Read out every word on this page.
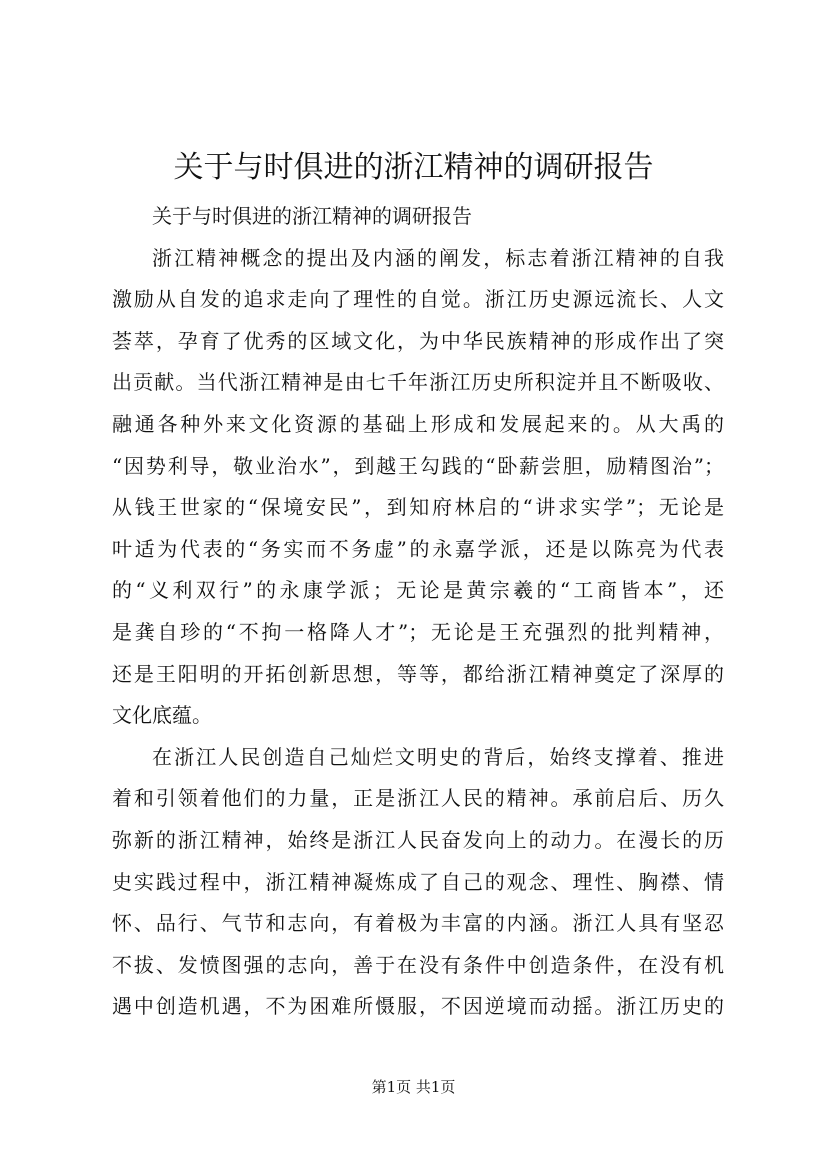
关于与时俱进的浙江精神的调研报告
关于与时俱进的浙江精神的调研报告
浙江精神概念的提出及内涵的阐发，标志着浙江精神的自我
激励从自发的追求走向了理性的自觉。浙江历史源远流长、人文
荟萃，孕育了优秀的区域文化，为中华民族精神的形成作出了突
出贡献。当代浙江精神是由七千年浙江历史所积淀并且不断吸收、
融通各种外来文化资源的基础上形成和发展起来的。从大禹的
“因势利导，敬业治水”，到越王勾践的“卧薪尝胆，励精图治”；
从钱王世家的“保境安民”，到知府林启的“讲求实学”；无论是
叶适为代表的“务实而不务虚”的永嘉学派，还是以陈亮为代表
的“义利双行”的永康学派；无论是黄宗羲的“工商皆本”，还
是龚自珍的“不拘一格降人才”；无论是王充强烈的批判精神，
还是王阳明的开拓创新思想，等等，都给浙江精神奠定了深厚的
文化底蕴。
在浙江人民创造自己灿烂文明史的背后，始终支撑着、推进
着和引领着他们的力量，正是浙江人民的精神。承前启后、历久
弥新的浙江精神，始终是浙江人民奋发向上的动力。在漫长的历
史实践过程中，浙江精神凝炼成了自己的观念、理性、胸襟、情
怀、品行、气节和志向，有着极为丰富的内涵。浙江人具有坚忍
不拔、发愤图强的志向，善于在没有条件中创造条件，在没有机
遇中创造机遇，不为困难所慑服，不因逆境而动摇。浙江历史的
第1页 共1页
